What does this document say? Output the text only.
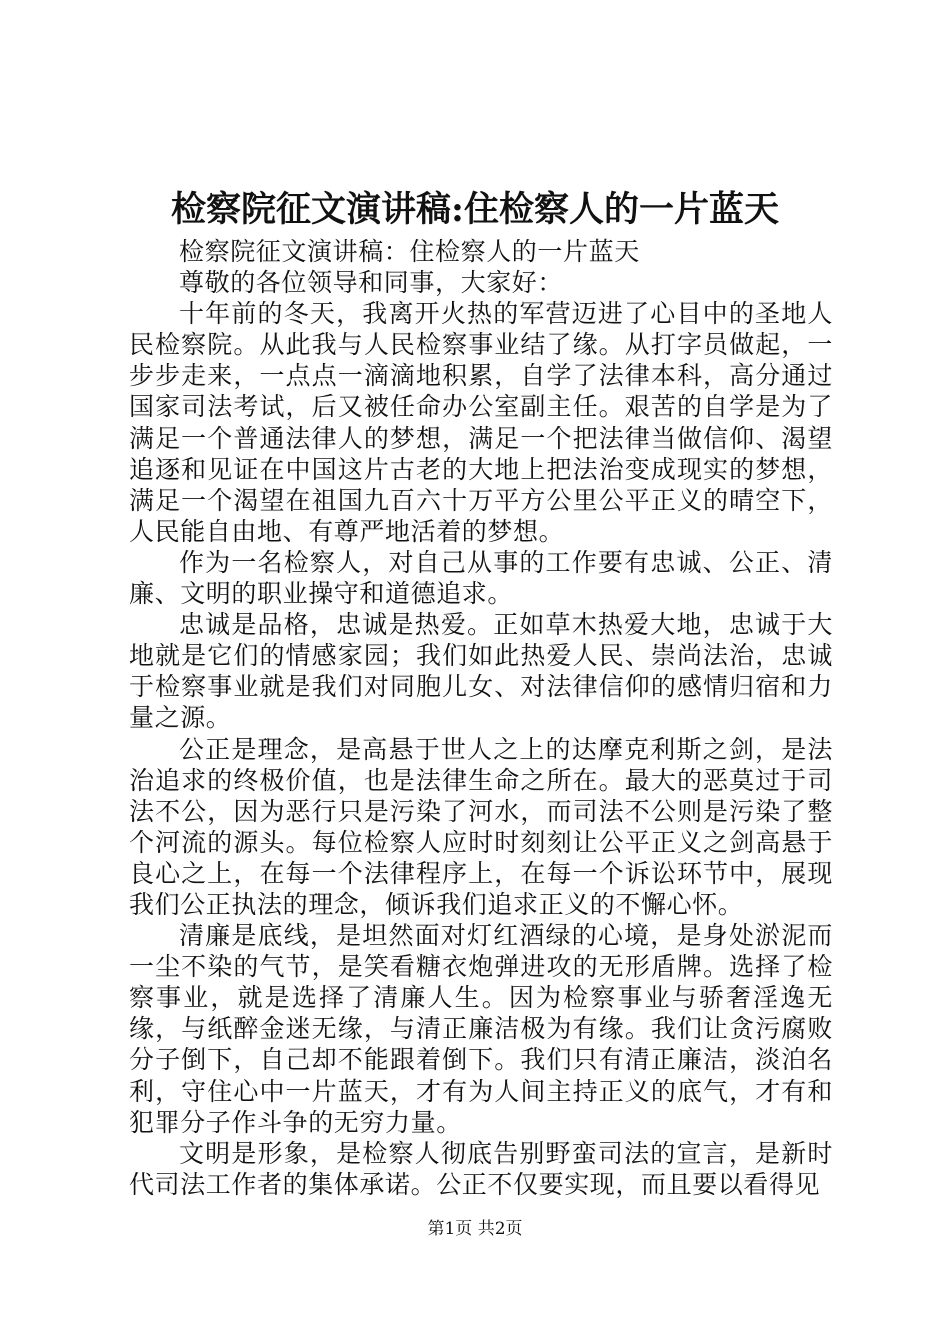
检察院征文演讲稿:住检察人的一片蓝天

检察院征文演讲稿：住检察人的一片蓝天

尊敬的各位领导和同事，大家好：

十年前的冬天，我离开火热的军营迈进了心目中的圣地人民检察院。从此我与人民检察事业结了缘。从打字员做起，一步步走来，一点点一滴滴地积累，自学了法律本科，高分通过国家司法考试，后又被任命办公室副主任。艰苦的自学是为了满足一个普通法律人的梦想，满足一个把法律当做信仰、渴望追逐和见证在中国这片古老的大地上把法治变成现实的梦想，满足一个渴望在祖国九百六十万平方公里公平正义的晴空下，人民能自由地、有尊严地活着的梦想。

作为一名检察人，对自己从事的工作要有忠诚、公正、清廉、文明的职业操守和道德追求。

忠诚是品格，忠诚是热爱。正如草木热爱大地，忠诚于大地就是它们的情感家园；我们如此热爱人民、崇尚法治，忠诚于检察事业就是我们对同胞儿女、对法律信仰的感情归宿和力量之源。

公正是理念，是高悬于世人之上的达摩克利斯之剑，是法治追求的终极价值，也是法律生命之所在。最大的恶莫过于司法不公，因为恶行只是污染了河水，而司法不公则是污染了整个河流的源头。每位检察人应时时刻刻让公平正义之剑高悬于良心之上，在每一个法律程序上，在每一个诉讼环节中，展现我们公正执法的理念，倾诉我们追求正义的不懈心怀。

清廉是底线，是坦然面对灯红酒绿的心境，是身处淤泥而一尘不染的气节，是笑看糖衣炮弹进攻的无形盾牌。选择了检察事业，就是选择了清廉人生。因为检察事业与骄奢淫逸无缘，与纸醉金迷无缘，与清正廉洁极为有缘。我们让贪污腐败分子倒下，自己却不能跟着倒下。我们只有清正廉洁，淡泊名利，守住心中一片蓝天，才有为人间主持正义的底气，才有和犯罪分子作斗争的无穷力量。

文明是形象，是检察人彻底告别野蛮司法的宣言，是新时代司法工作者的集体承诺。公正不仅要实现，而且要以看得见

第1页 共2页
